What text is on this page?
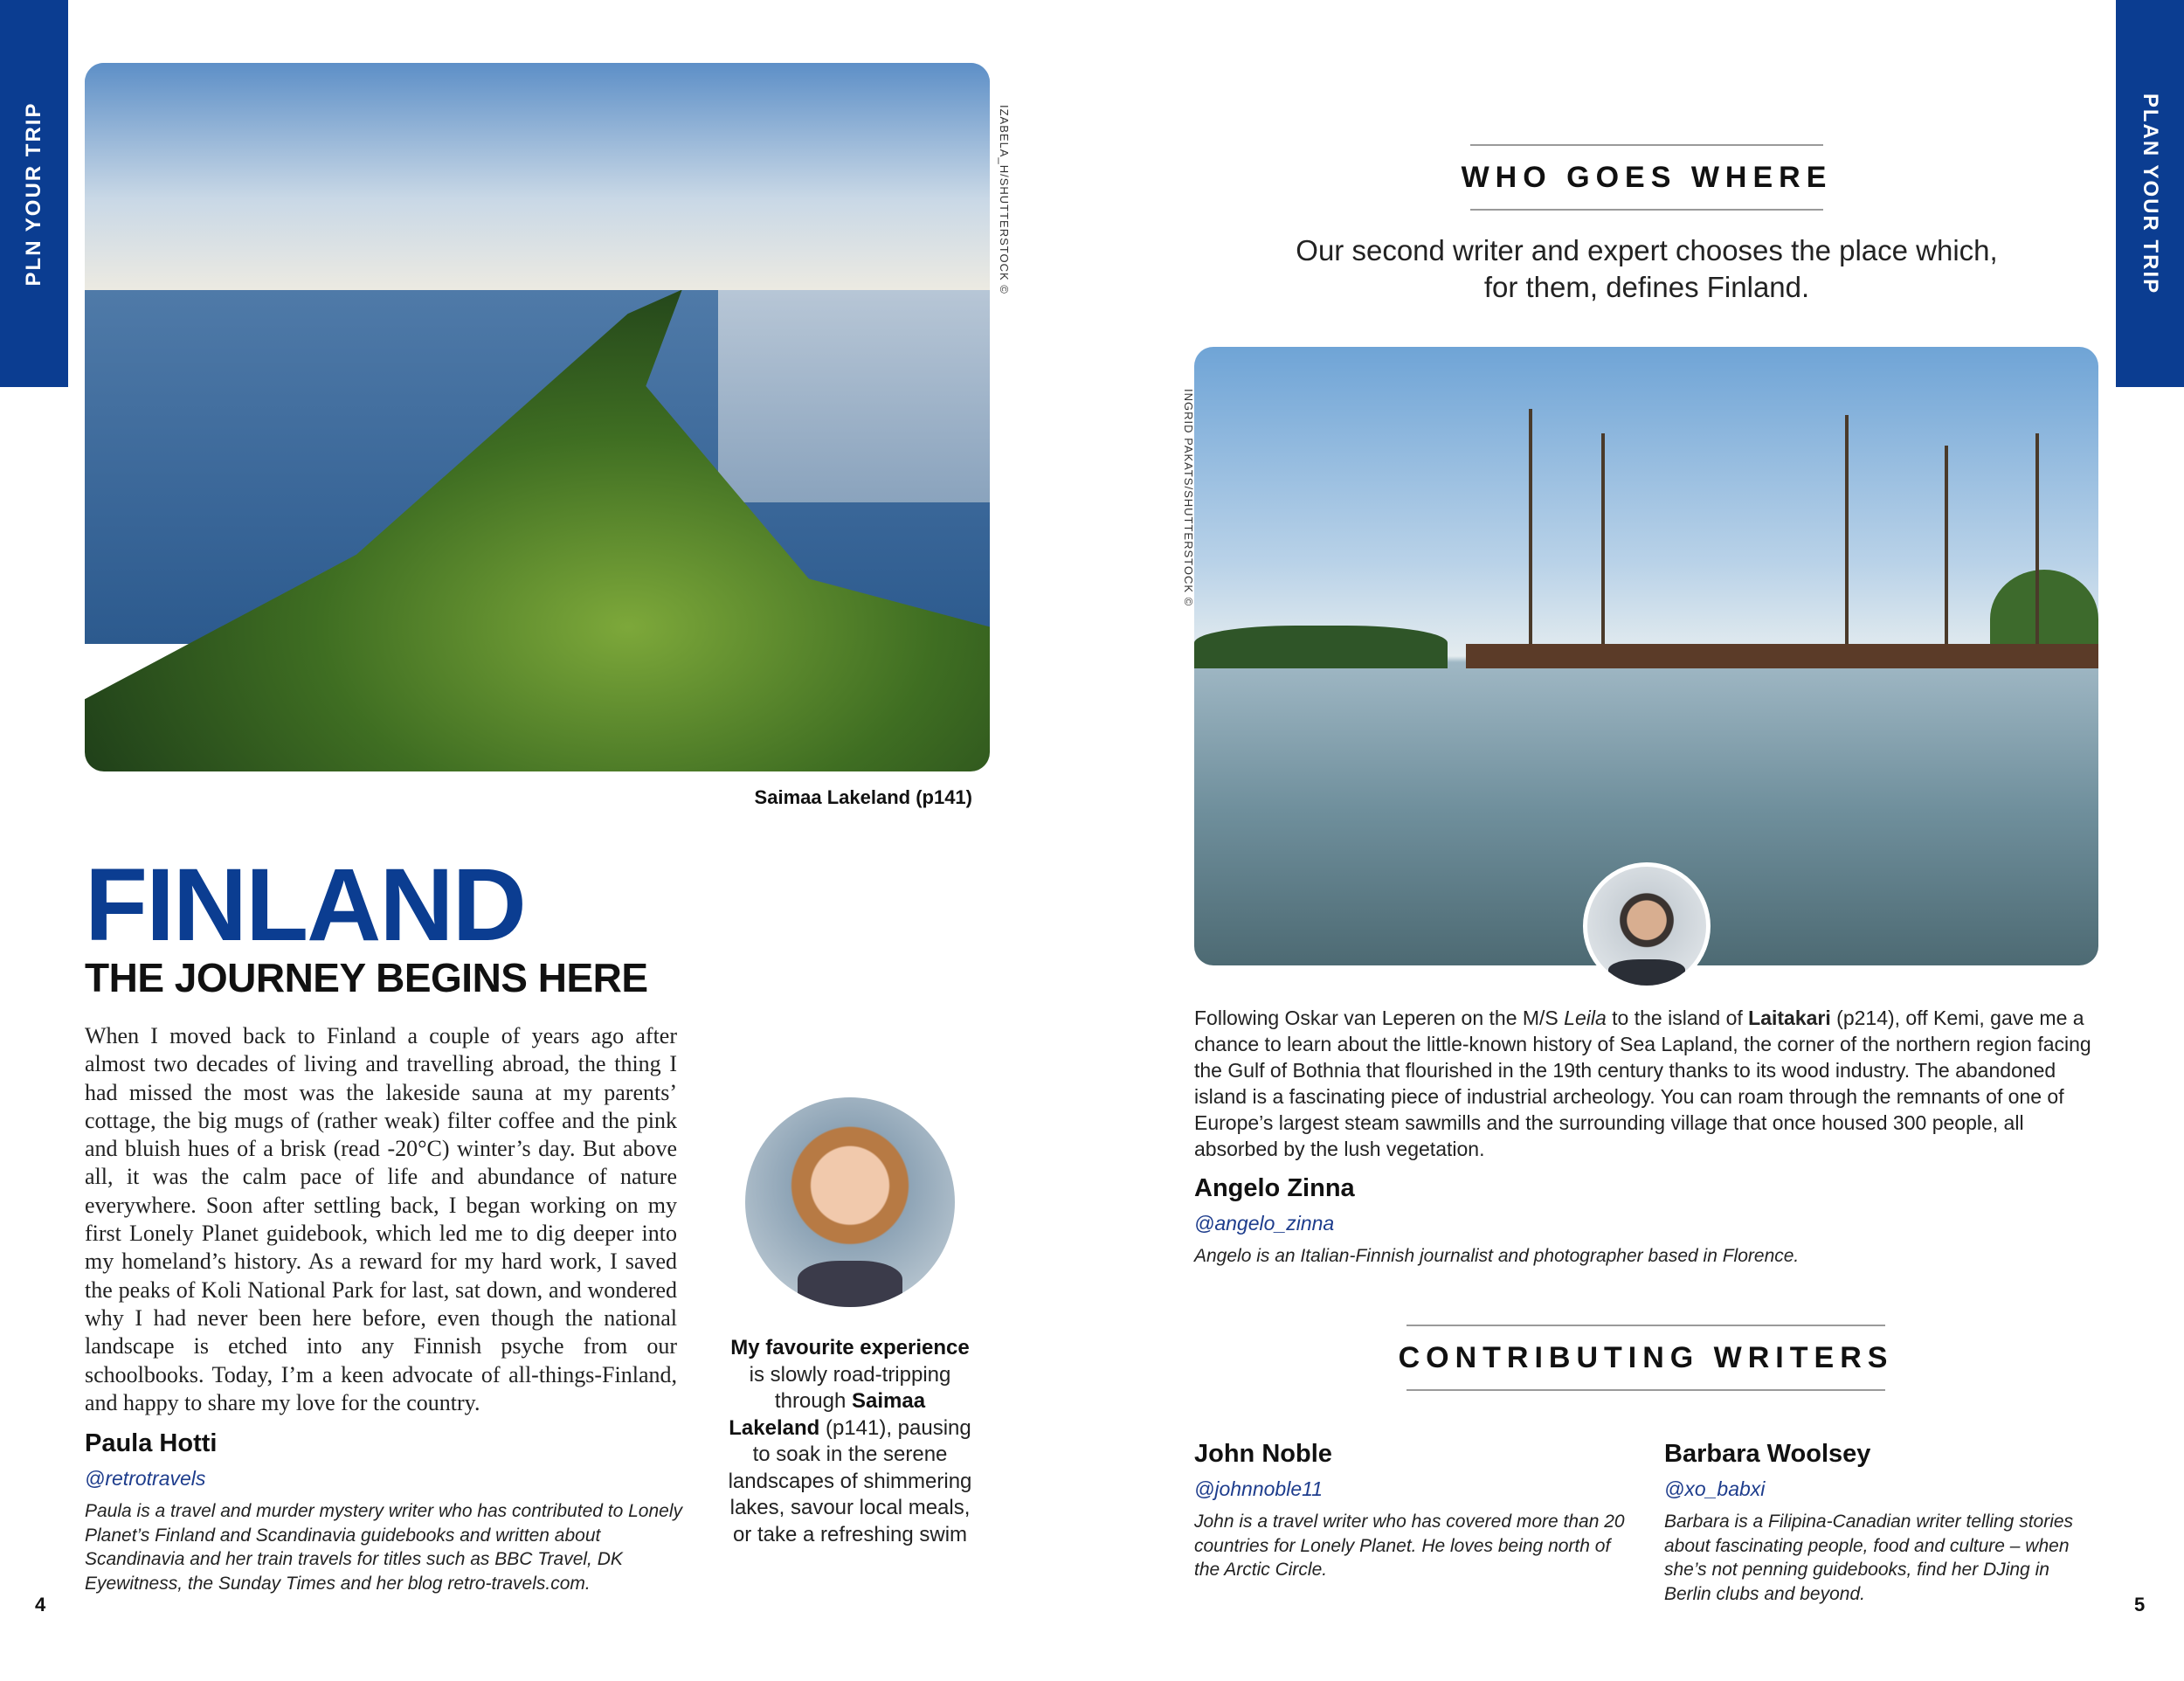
PLN YOUR TRIP	PLAN YOUR TRIP
IZABELA_H/SHUTTERSTOCK ©
Saimaa Lakeland (p141)
FINLAND
THE JOURNEY BEGINS HERE
When I moved back to Finland a couple of years ago after almost two decades of living and travelling abroad, the thing I had missed the most was the lakeside sauna at my parents’ cottage, the big mugs of (rather weak) filter coffee and the pink and bluish hues of a brisk (read -20°C) winter’s day. But above all, it was the calm pace of life and abundance of nature everywhere. Soon after settling back, I began working on my first Lonely Planet guidebook, which led me to dig deeper into my homeland’s history. As a reward for my hard work, I saved the peaks of Koli National Park for last, sat down, and wondered why I had never been here before, even though the national landscape is etched into any Finnish psyche from our schoolbooks. Today, I’m a keen advocate of all-things-Finland, and happy to share my love for the country.
Paula Hotti
@retrotravels
Paula is a travel and murder mystery writer who has contributed to Lonely Planet’s Finland and Scandinavia guidebooks and written about Scandinavia and her train travels for titles such as BBC Travel, DK Eyewitness, the Sunday Times and her blog retro-travels.com.
My favourite experience is slowly road-tripping through Saimaa Lakeland (p141), pausing to soak in the serene landscapes of shimmering lakes, savour local meals, or take a refreshing swim
4
WHO GOES WHERE
Our second writer and expert chooses the place which, for them, defines Finland.
INGRID PAKATS/SHUTTERSTOCK ©
Following Oskar van Leperen on the M/S Leila to the island of Laitakari (p214), off Kemi, gave me a chance to learn about the little-known history of Sea Lapland, the corner of the northern region facing the Gulf of Bothnia that flourished in the 19th century thanks to its wood industry. The abandoned island is a fascinating piece of industrial archeology. You can roam through the remnants of one of Europe’s largest steam sawmills and the surrounding village that once housed 300 people, all absorbed by the lush vegetation.
Angelo Zinna
@angelo_zinna
Angelo is an Italian-Finnish journalist and photographer based in Florence.
CONTRIBUTING WRITERS
John Noble
@johnnoble11
John is a travel writer who has covered more than 20 countries for Lonely Planet. He loves being north of the Arctic Circle.
Barbara Woolsey
@xo_babxi
Barbara is a Filipina-Canadian writer telling stories about fascinating people, food and culture – when she’s not penning guidebooks, find her DJing in Berlin clubs and beyond.	5
